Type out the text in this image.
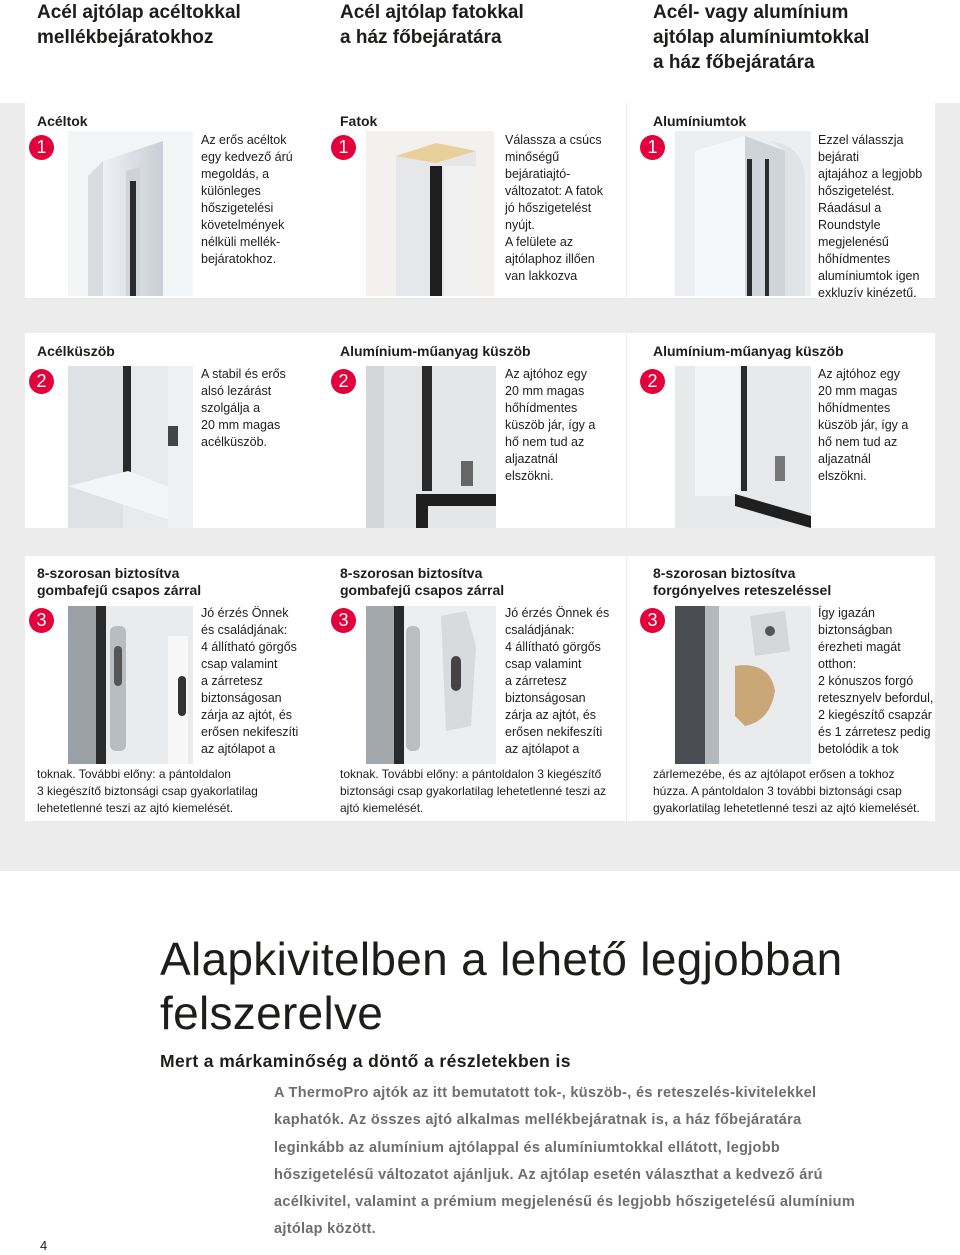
Acél ajtólap acéltokkal
mellékbejáratokhoz
Acél ajtólap fatokkal
a ház főbejáratára
Acél- vagy alumínium
ajtólap alumíniumtokkal
a ház főbejáratára
Acéltok
1	Az erős acéltok
egy kedvező árú
megoldás, a
különleges
hőszigetelési
követelmények
nélküli mellék-
bejáratokhoz.
Fatok
1	Válassza a csúcs
minőségű
bejáratiajtó-
változatot: A fatok
jó hőszigetelést
nyújt.
A felülete az
ajtólaphoz illően
van lakkozva
Alumíniumtok
1	Ezzel válasszja bejárati
ajtajához a legjobb
hőszigetelést.
Ráadásul a
Roundstyle
megjelenésű
hőhídmentes
alumíniumtok igen
exkluzív kinézetű.
Acélküszöb
2	A stabil és erős
alsó lezárást
szolgálja a
20 mm magas
acélküszöb.
Alumínium-műanyag küszöb
2	Az ajtóhoz egy
20 mm magas
hőhídmentes
küszöb jár, így a
hő nem tud az
aljazatnál
elszökni.
Alumínium-műanyag küszöb
2	Az ajtóhoz egy
20 mm magas
hőhídmentes
küszöb jár, így a
hő nem tud az
aljazatnál
elszökni.
8-szorosan biztosítva
gombafejű csapos zárral
3	Jó érzés Önnek
és családjának:
4 állítható görgős
csap valamint
a zárretesz
biztonságosan
zárja az ajtót, és
erősen nekifeszíti
az ajtólapot a
toknak. További előny: a pántoldalon
3 kiegészítő biztonsági csap gyakorlatilag
lehetetlenné teszi az ajtó kiemelését.
8-szorosan biztosítva
gombafejű csapos zárral
3	Jó érzés Önnek és
családjának:
4 állítható görgős
csap valamint
a zárretesz
biztonságosan
zárja az ajtót, és
erősen nekifeszíti
az ajtólapot a
toknak. További előny: a pántoldalon 3 kiegészítő
biztonsági csap gyakorlatilag lehetetlenné teszi az
ajtó kiemelését.
8-szorosan biztosítva
forgónyelves reteszeléssel
3	Így igazán
biztonságban
érezheti magát
otthon:
2 kónuszos forgó
retesznyelv befordul,
2 kiegészítő csapzár
és 1 zárretesz pedig
betolódik a tok
zárlemezébe, és az ajtólapot erősen a tokhoz
húzza. A pántoldalon 3 további biztonsági csap
gyakorlatilag lehetetlenné teszi az ajtó kiemelését.
Alapkivitelben a lehető legjobban
felszerelve
Mert a márkaminőség a döntő a részletekben is
A ThermoPro ajtók az itt bemutatott tok-, küszöb-, és reteszelés-kivitelekkel
kaphatók. Az összes ajtó alkalmas mellékbejáratnak is, a ház főbejáratára
leginkább az alumínium ajtólappal és alumíniumtokkal ellátott, legjobb
hőszigetelésű változatot ajánljuk. Az ajtólap esetén választhat a kedvező árú
acélkivitel, valamint a prémium megjelenésű és legjobb hőszigetelésű alumínium
ajtólap között.
4
